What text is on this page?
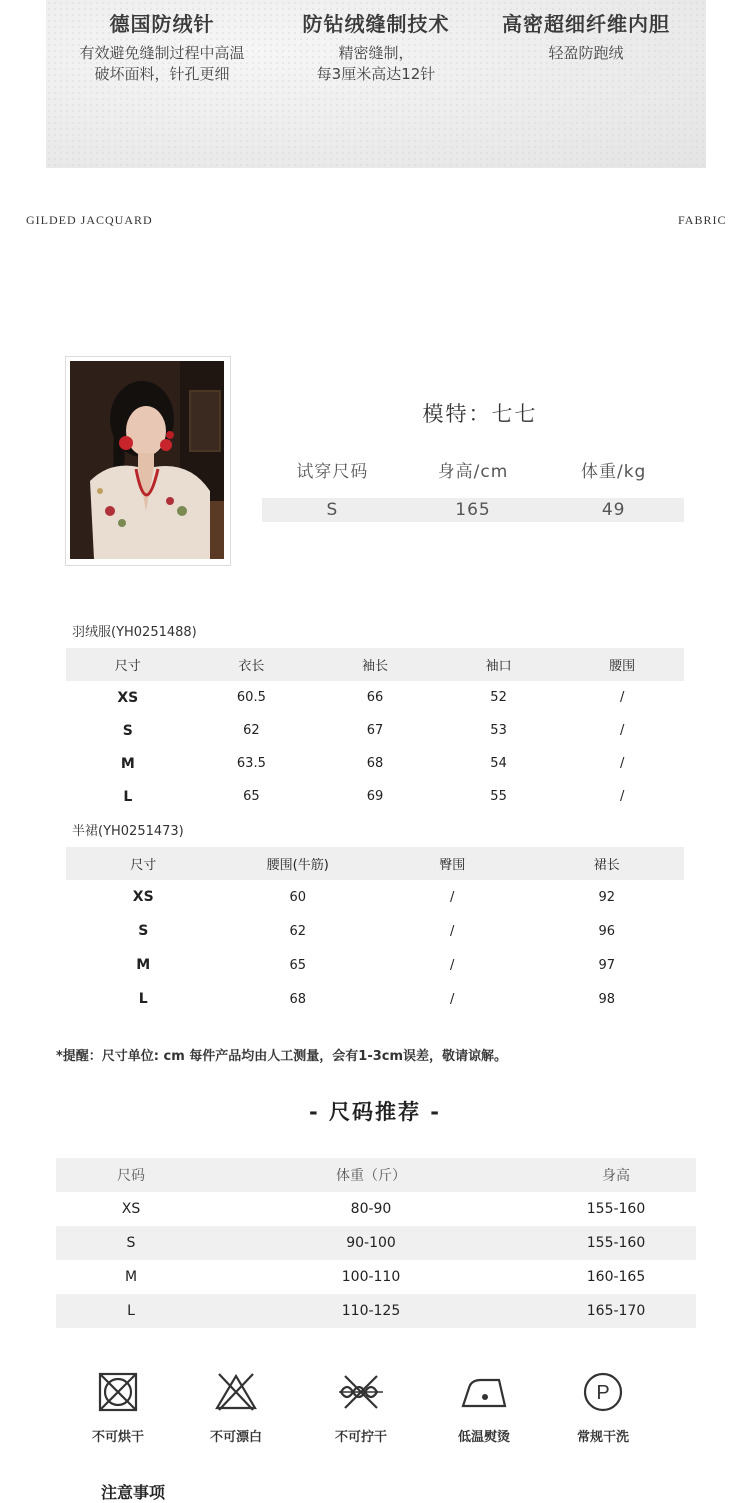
德国防绒针
有效避免缝制过程中高温
破坏面料，针孔更细
防钻绒缝制技术
精密缝制，
每3厘米高达12针
高密超细纤维内胆
轻盈防跑绒
GILDED JACQUARD	FABRIC
模特：七七
试穿尺码	身高/cm	体重/kg
S	165	49
羽绒服(YH0251488)
尺寸	衣长	袖长	袖口	腰围
XS	60.5	66	52	/
S	62	67	53	/
M	63.5	68	54	/
L	65	69	55	/
半裙(YH0251473)
尺寸	腰围(牛筋)	臀围	裙长
XS	60	/	92
S	62	/	96
M	65	/	97
L	68	/	98
*提醒：尺寸单位: cm 每件产品均由人工测量，会有1-3cm误差，敬请谅解。
- 尺码推荐 -
尺码	体重（斤）	身高
XS	80-90	155-160
S	90-100	155-160
M	100-110	160-165
L	110-125	165-170
不可烘干	不可漂白	不可拧干	低温熨烫
P
常规干洗
注意事项
